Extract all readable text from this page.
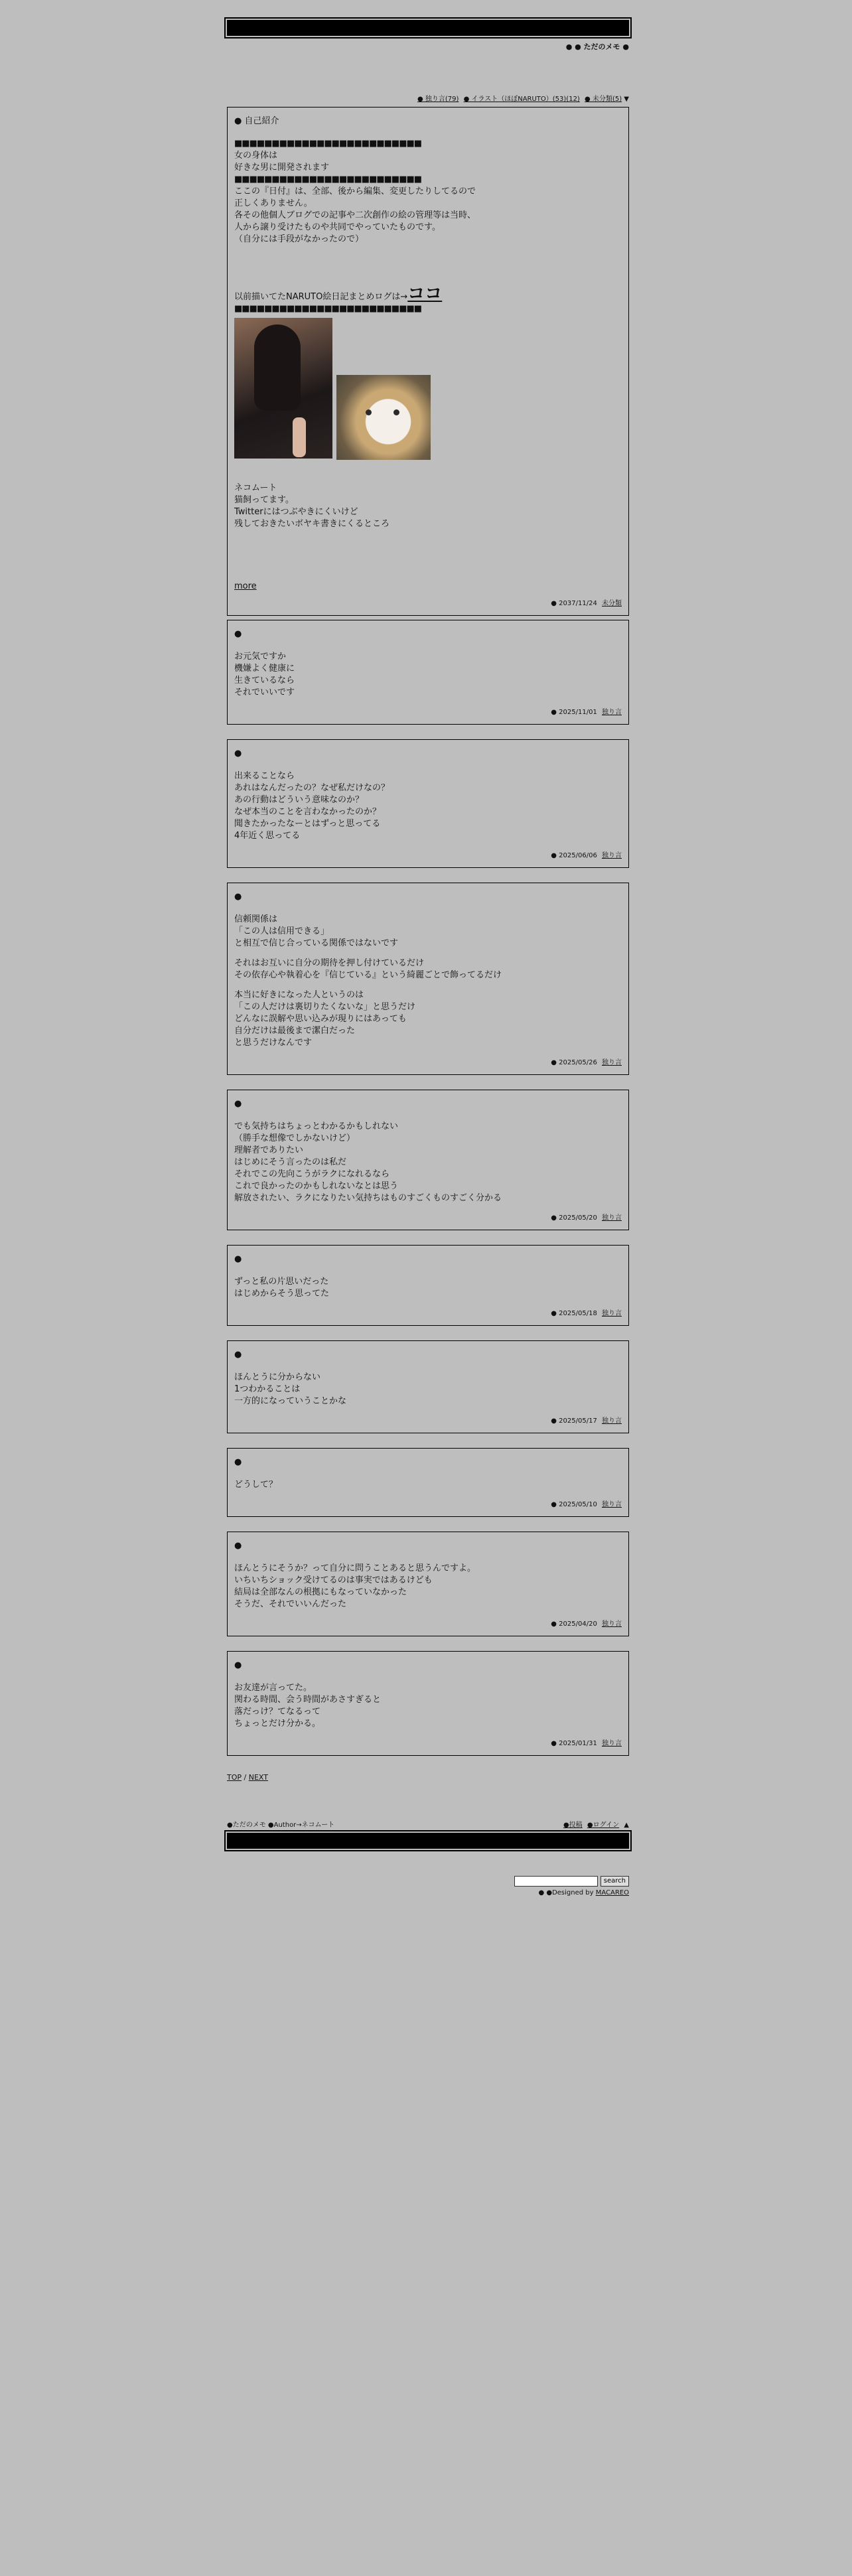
● ● ただのメモ ●
● 独り言(79) ● イラスト（ほぼNARUTO）(53)(12) ● 未分類(5) ▼
● 自己紹介

■■■■■■■■■■■■■■■■■■■■■■■■■

女の身体は
好きな男に開発されます

■■■■■■■■■■■■■■■■■■■■■■■■■

ここの『日付』は、全部、後から編集、変更したりしてるので
正しくありません。
各その他個人ブログでの記事や二次創作の絵の管理等は当時、
人から譲り受けたものや共同でやっていたものです。
（自分には手段がなかったので）

以前描いてたNARUTO絵日記まとめログは→ココ

■■■■■■■■■■■■■■■■■■■■■■■■■

ネコムート
猫飼ってます。
Twitterにはつぶやきにくいけど
残しておきたいボヤキ書きにくるところ

more

● 2037/11/24 未分類
●

お元気ですか
機嫌よく健康に
生きているなら
それでいいです

● 2025/11/01 独り言
●

出来ることなら
あれはなんだったの？なぜ私だけなの？
あの行動はどういう意味なのか？
なぜ本当のことを言わなかったのか？
聞きたかったなーとはずっと思ってる
4年近く思ってる

● 2025/06/06 独り言
●

信頼関係は
「この人は信用できる」
と相互で信じ合っている関係ではないです

それはお互いに自分の期待を押し付けているだけ
その依存心や執着心を『信じている』という綺麗ごとで飾ってるだけ

本当に好きになった人というのは
「この人だけは裏切りたくないな」と思うだけ
どんなに誤解や思い込みが現りにはあっても
自分だけは最後まで潔白だった
と思うだけなんです

● 2025/05/26 独り言
●

でも気持ちはちょっとわかるかもしれない
（勝手な想像でしかないけど）
理解者でありたい
はじめにそう言ったのは私だ
それでこの先向こうがラクになれるなら
これで良かったのかもしれないなとは思う
解放されたい、ラクになりたい気持ちはものすごくものすごく分かる

● 2025/05/20 独り言
●

ずっと私の片思いだった
はじめからそう思ってた

● 2025/05/18 独り言
●

ほんとうに分からない
1つわかることは
一方的になっていうことかな

● 2025/05/17 独り言
●

どうして？

● 2025/05/10 独り言
●

ほんとうにそうか？って自分に問うことあると思うんですよ。
いちいちショック受けてるのは事実ではあるけども
結局は全部なんの根拠にもなっていなかった
そうだ、それでいいんだった

● 2025/04/20 独り言
●

お友達が言ってた。
関わる時間、会う時間があさすぎると
落だっけ？てなるって
ちょっとだけ分かる。

● 2025/01/31 独り言
TOP / NEXT
●ただのメモ ●Author→ネコムート	●投稿 ●ログイン ▲
search
● ●Designed by MACAREO
